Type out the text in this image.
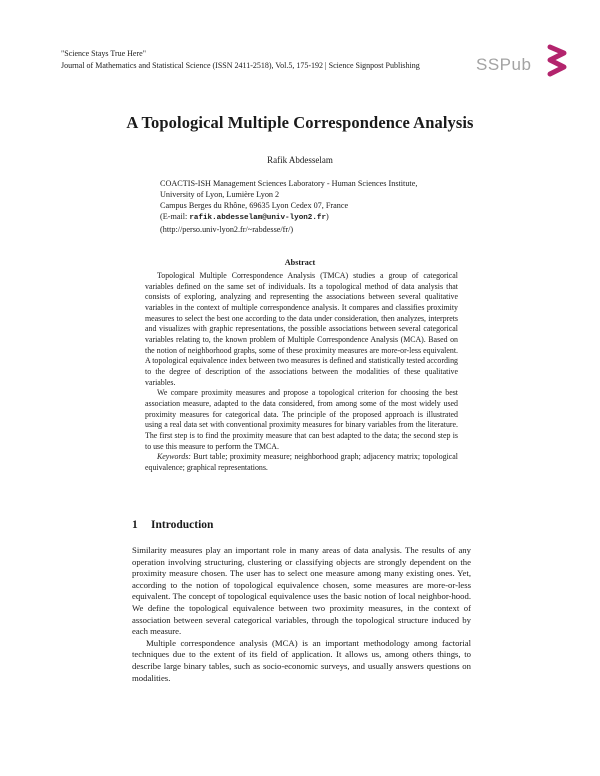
"Science Stays True Here"
Journal of Mathematics and Statistical Science (ISSN 2411-2518), Vol.5, 175-192 | Science Signpost Publishing	SSPub
A Topological Multiple Correspondence Analysis
Rafik Abdesselam
COACTIS-ISH Management Sciences Laboratory - Human Sciences Institute,
University of Lyon, Lumière Lyon 2
Campus Berges du Rhône, 69635 Lyon Cedex 07, France
(E-mail: rafik.abdesselam@univ-lyon2.fr)
(http://perso.univ-lyon2.fr/~rabdesse/fr/)
Abstract

Topological Multiple Correspondence Analysis (TMCA) studies a group of categorical variables defined on the same set of individuals. Its a topological method of data analysis that consists of exploring, analyzing and representing the associations between several qualitative variables in the context of multiple correspondence analysis. It compares and classifies proximity measures to select the best one according to the data under consideration, then analyzes, interprets and visualizes with graphic representations, the possible associations between several categorical variables relating to, the known problem of Multiple Correspondence Analysis (MCA). Based on the notion of neighborhood graphs, some of these proximity measures are more-or-less equivalent. A topological equivalence index between two measures is defined and statistically tested according to the degree of description of the associations between the modalities of these qualitative variables.

We compare proximity measures and propose a topological criterion for choosing the best association measure, adapted to the data considered, from among some of the most widely used proximity measures for categorical data. The principle of the proposed approach is illustrated using a real data set with conventional proximity measures for binary variables from the literature. The first step is to find the proximity measure that can best adapted to the data; the second step is to use this measure to perform the TMCA.

Keywords: Burt table; proximity measure; neighborhood graph; adjacency matrix; topological equivalence; graphical representations.

1 Introduction

Similarity measures play an important role in many areas of data analysis. The results of any operation involving structuring, clustering or classifying objects are strongly dependent on the proximity measure chosen. The user has to select one measure among many existing ones. Yet, according to the notion of topological equivalence chosen, some measures are more-or-less equivalent. The concept of topological equivalence uses the basic notion of local neighbor-hood. We define the topological equivalence between two proximity measures, in the context of association between several categorical variables, through the topological structure induced by each measure.

Multiple correspondence analysis (MCA) is an important methodology among factorial techniques due to the extent of its field of application. It allows us, among others things, to describe large binary tables, such as socio-economic surveys, and usually answers questions on modalities.
